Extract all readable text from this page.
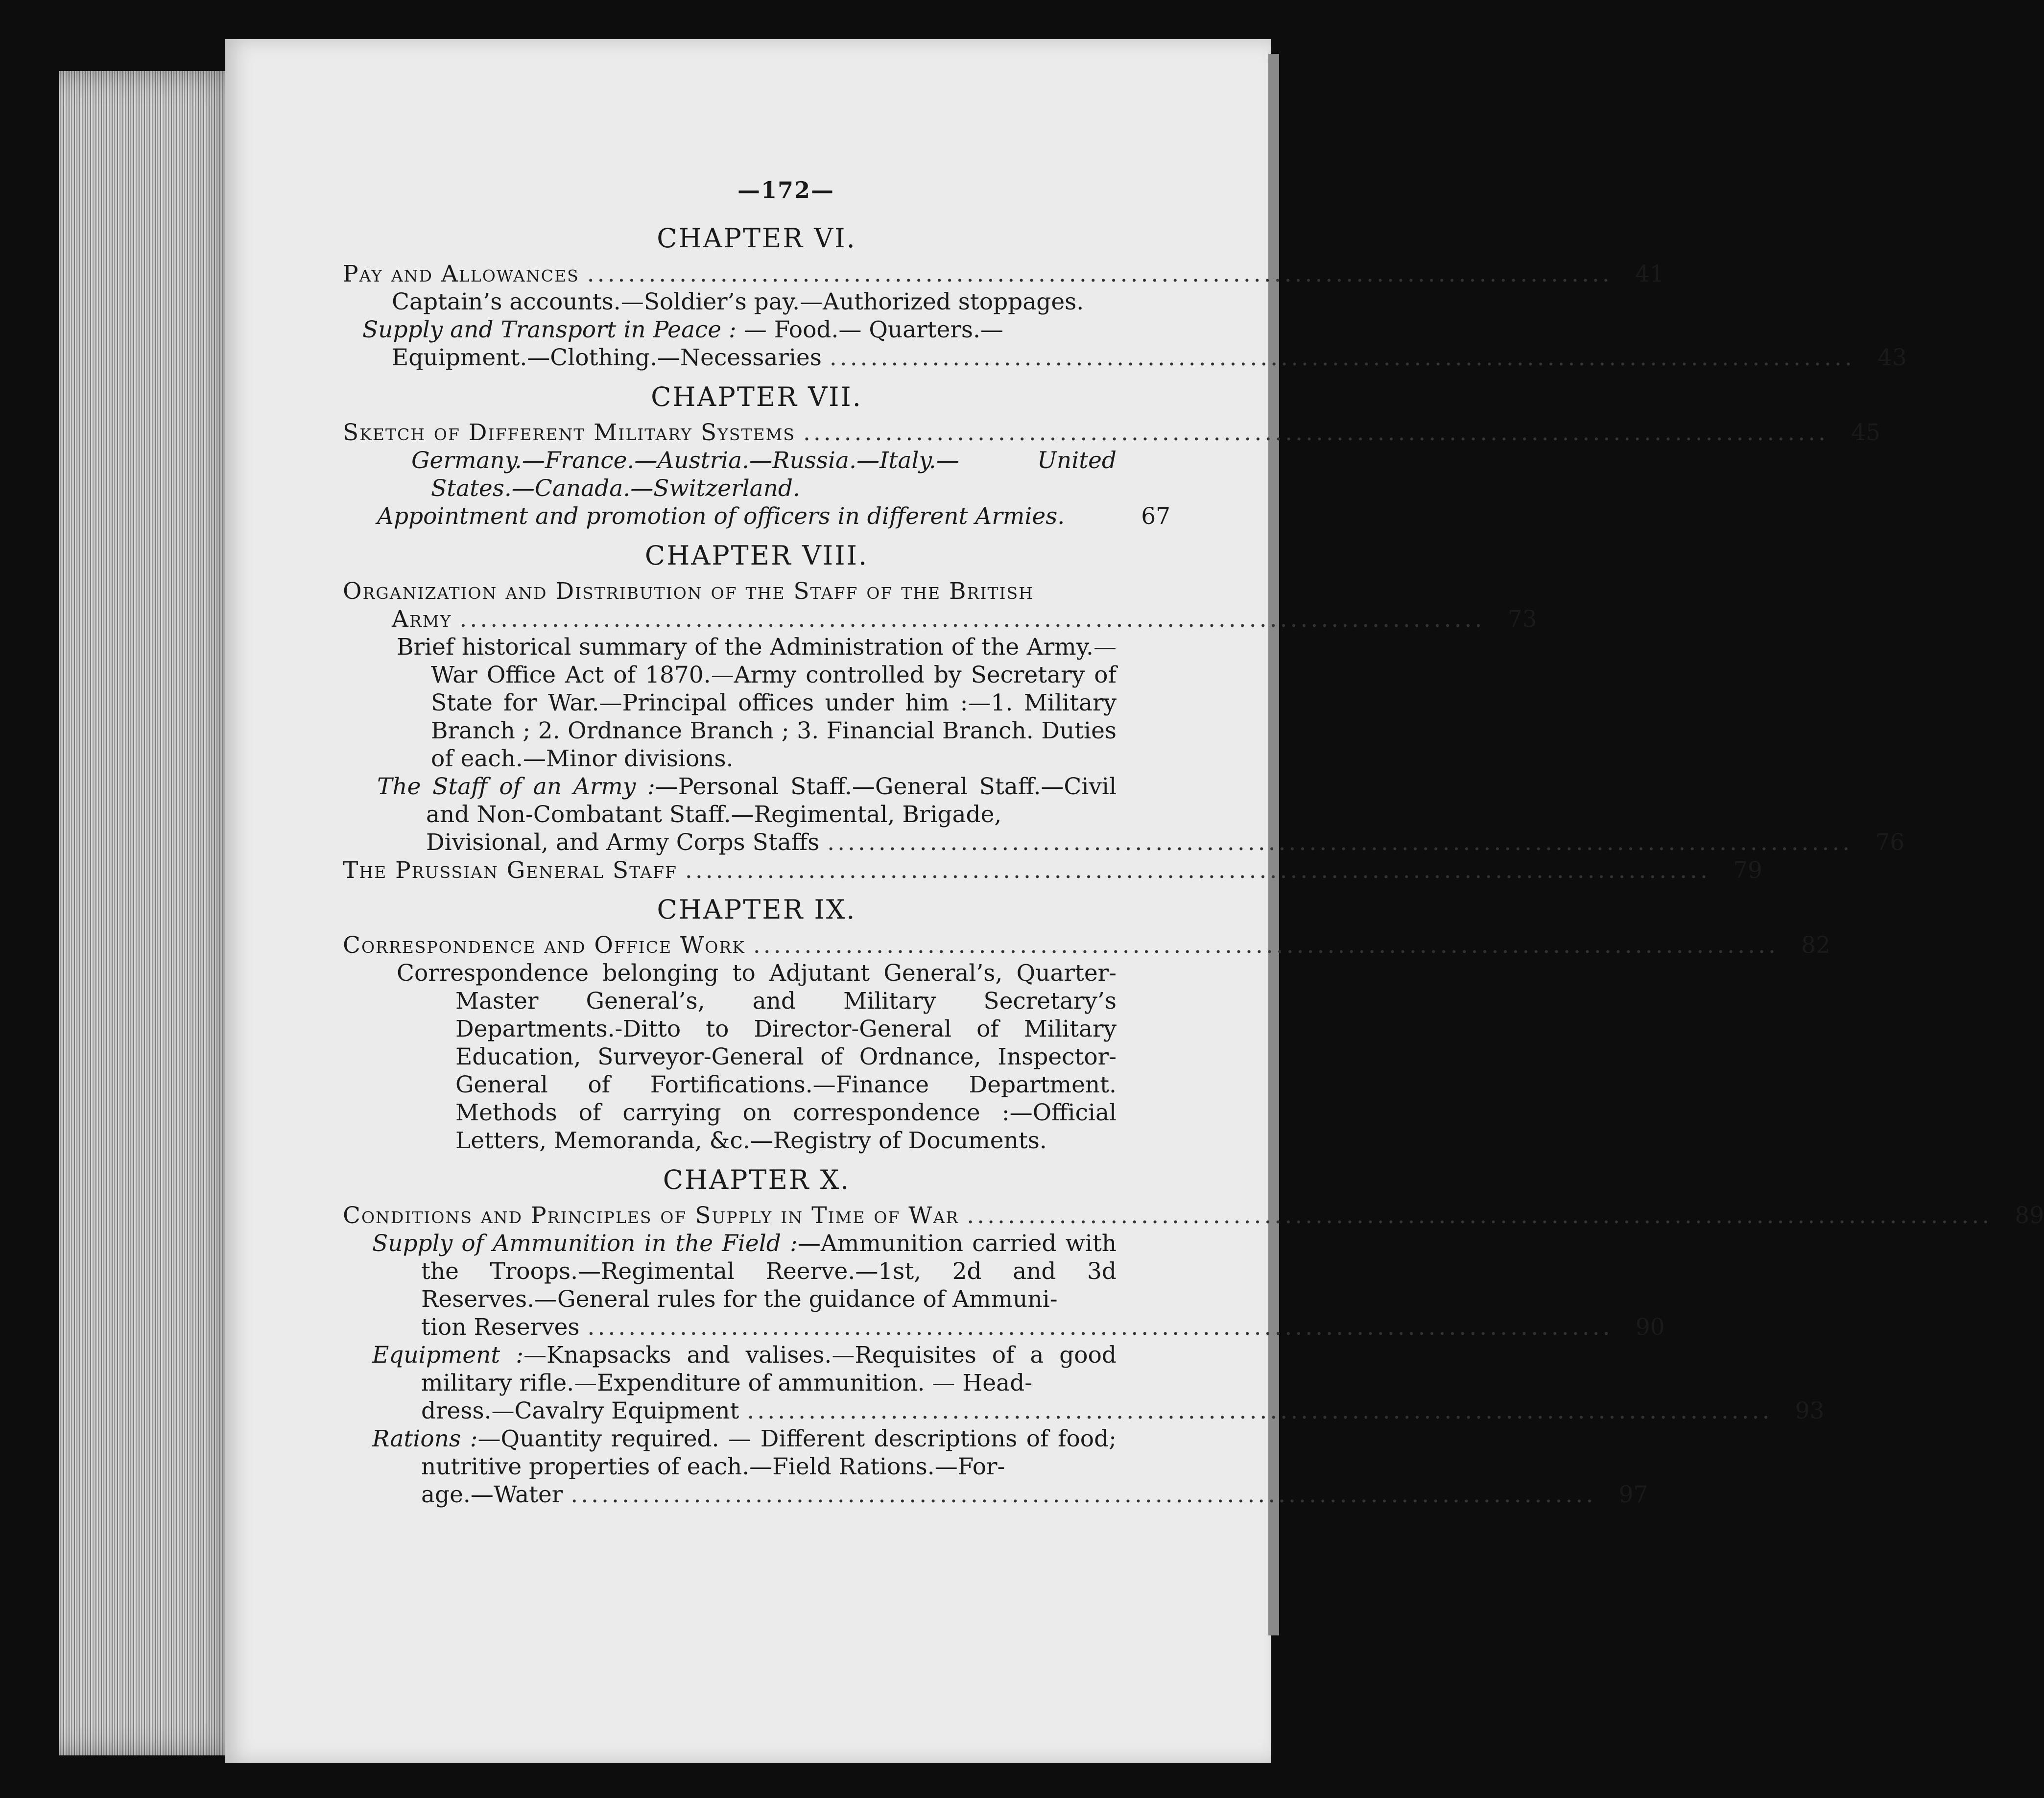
—172—
CHAPTER VI.
Pay and Allowances .................................................................................................... 41
Captain’s accounts.—Soldier’s pay.—Authorized stoppages.
Supply and Transport in Peace : — Food.— Quarters.—
Equipment.—Clothing.—Necessaries .................................................................................................... 43
CHAPTER VII.
Sketch of Different Military Systems .................................................................................................... 45
Germany.—France.—Austria.—Russia.—Italy.— United States.—Canada.—Switzerland.
Appointment and promotion of officers in different Armies.	67
CHAPTER VIII.
Organization and Distribution of the Staff of the British
Army .................................................................................................... 73
Brief historical summary of the Administration of the Army.—War Office Act of 1870.—Army controlled by Secretary of State for War.—Principal offices under him :—1. Military Branch ; 2. Ordnance Branch ; 3. Financial Branch. Duties of each.—Minor divisions.
The Staff of an Army :—Personal Staff.—General Staff.—Civil and Non-Combatant Staff.—Regimental, Brigade,
Divisional, and Army Corps Staffs .................................................................................................... 76
The Prussian General Staff .................................................................................................... 79
CHAPTER IX.
Correspondence and Office Work .................................................................................................... 82
Correspondence belonging to Adjutant General’s, Quarter-Master General’s, and Military Secretary’s Departments.-Ditto to Director-General of Military Education, Surveyor-General of Ordnance, Inspector-General of Fortifications.—Finance Department. Methods of carrying on correspondence :—Official Letters, Memoranda, &c.—Registry of Documents.
CHAPTER X.
Conditions and Principles of Supply in Time of War .................................................................................................... 89
Supply of Ammunition in the Field :—Ammunition carried with the Troops.—Regimental Reerve.—1st, 2d and 3d Reserves.—General rules for the guidance of Ammuni-
tion Reserves .................................................................................................... 90
Equipment :—Knapsacks and valises.—Requisites of a good military rifle.—Expenditure of ammunition. — Head-
dress.—Cavalry Equipment .................................................................................................... 93
Rations :—Quantity required. — Different descriptions of food; nutritive properties of each.—Field Rations.—For-
age.—Water .................................................................................................... 97
